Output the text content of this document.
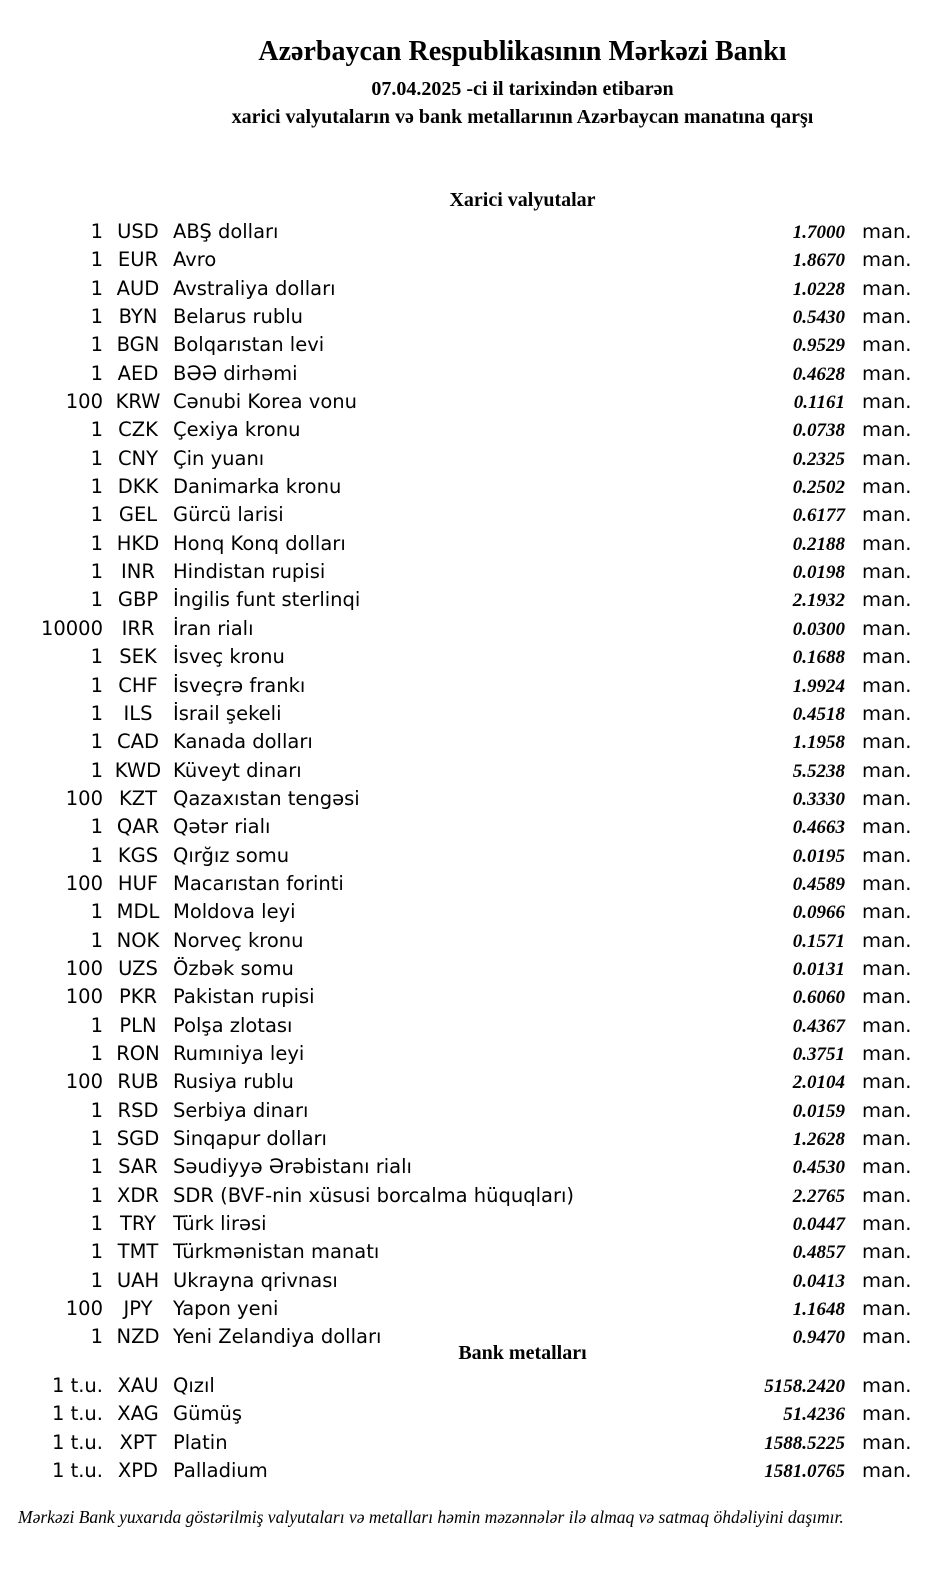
Azərbaycan Respublikasının Mərkəzi Bankı
07.04.2025 -ci il tarixindən etibarən
xarici valyutaların və bank metallarının Azərbaycan manatına qarşı
Xarici valyutalar
1 USD ABŞ dolları	1.7000 man.
1 EUR Avro	1.8670 man.
1 AUD Avstraliya dolları	1.0228 man.
1 BYN Belarus rublu	0.5430 man.
1 BGN Bolqarıstan levi	0.9529 man.
1 AED BƏƏ dirhəmi	0.4628 man.
100 KRW Cənubi Korea vonu	0.1161 man.
1 CZK Çexiya kronu	0.0738 man.
1 CNY Çin yuanı	0.2325 man.
1 DKK Danimarka kronu	0.2502 man.
1 GEL Gürcü larisi	0.6177 man.
1 HKD Honq Konq dolları	0.2188 man.
1 INR Hindistan rupisi	0.0198 man.
1 GBP İngilis funt sterlinqi	2.1932 man.
10000 IRR İran rialı	0.0300 man.
1 SEK İsveç kronu	0.1688 man.
1 CHF İsveçrə frankı	1.9924 man.
1	ILS	İsrail şekeli	0.4518 man.
1 CAD Kanada dolları	1.1958 man.
1 KWD Küveyt dinarı	5.5238 man.
100 KZT Qazaxıstan tengəsi	0.3330 man.
1 QAR Qətər rialı	0.4663 man.
1 KGS Qırğız somu	0.0195 man.
100 HUF Macarıstan forinti	0.4589 man.
1 MDL Moldova leyi	0.0966 man.
1 NOK Norveç kronu	0.1571 man.
100 UZS Özbək somu	0.0131 man.
100 PKR Pakistan rupisi	0.6060 man.
1 PLN Polşa zlotası	0.4367 man.
1 RON Rumıniya leyi	0.3751 man.
100 RUB Rusiya rublu	2.0104 man.
1 RSD Serbiya dinarı	0.0159 man.
1 SGD Sinqapur dolları	1.2628 man.
1 SAR Səudiyyə Ərəbistanı rialı	0.4530 man.
1 XDR SDR (BVF-nin xüsusi borcalma hüquqları)	2.2765 man.
1 TRY Türk lirəsi	0.0447 man.
1 TMT Türkmənistan manatı	0.4857 man.
1 UAH Ukrayna qrivnası	0.0413 man.
100	JPY	Yapon yeni	1.1648 man.
1 NZD Yeni Zelandiya dolları	0.9470 man.
Bank metalları
1 t.u. XAU Qızıl	5158.2420 man.
1 t.u. XAG Gümüş	51.4236 man.
1 t.u. XPT Platin	1588.5225 man.
1 t.u. XPD Palladium	1581.0765 man.
Mərkəzi Bank yuxarıda göstərilmiş valyutaları və metalları həmin məzənnələr ilə almaq və satmaq öhdəliyini daşımır.
